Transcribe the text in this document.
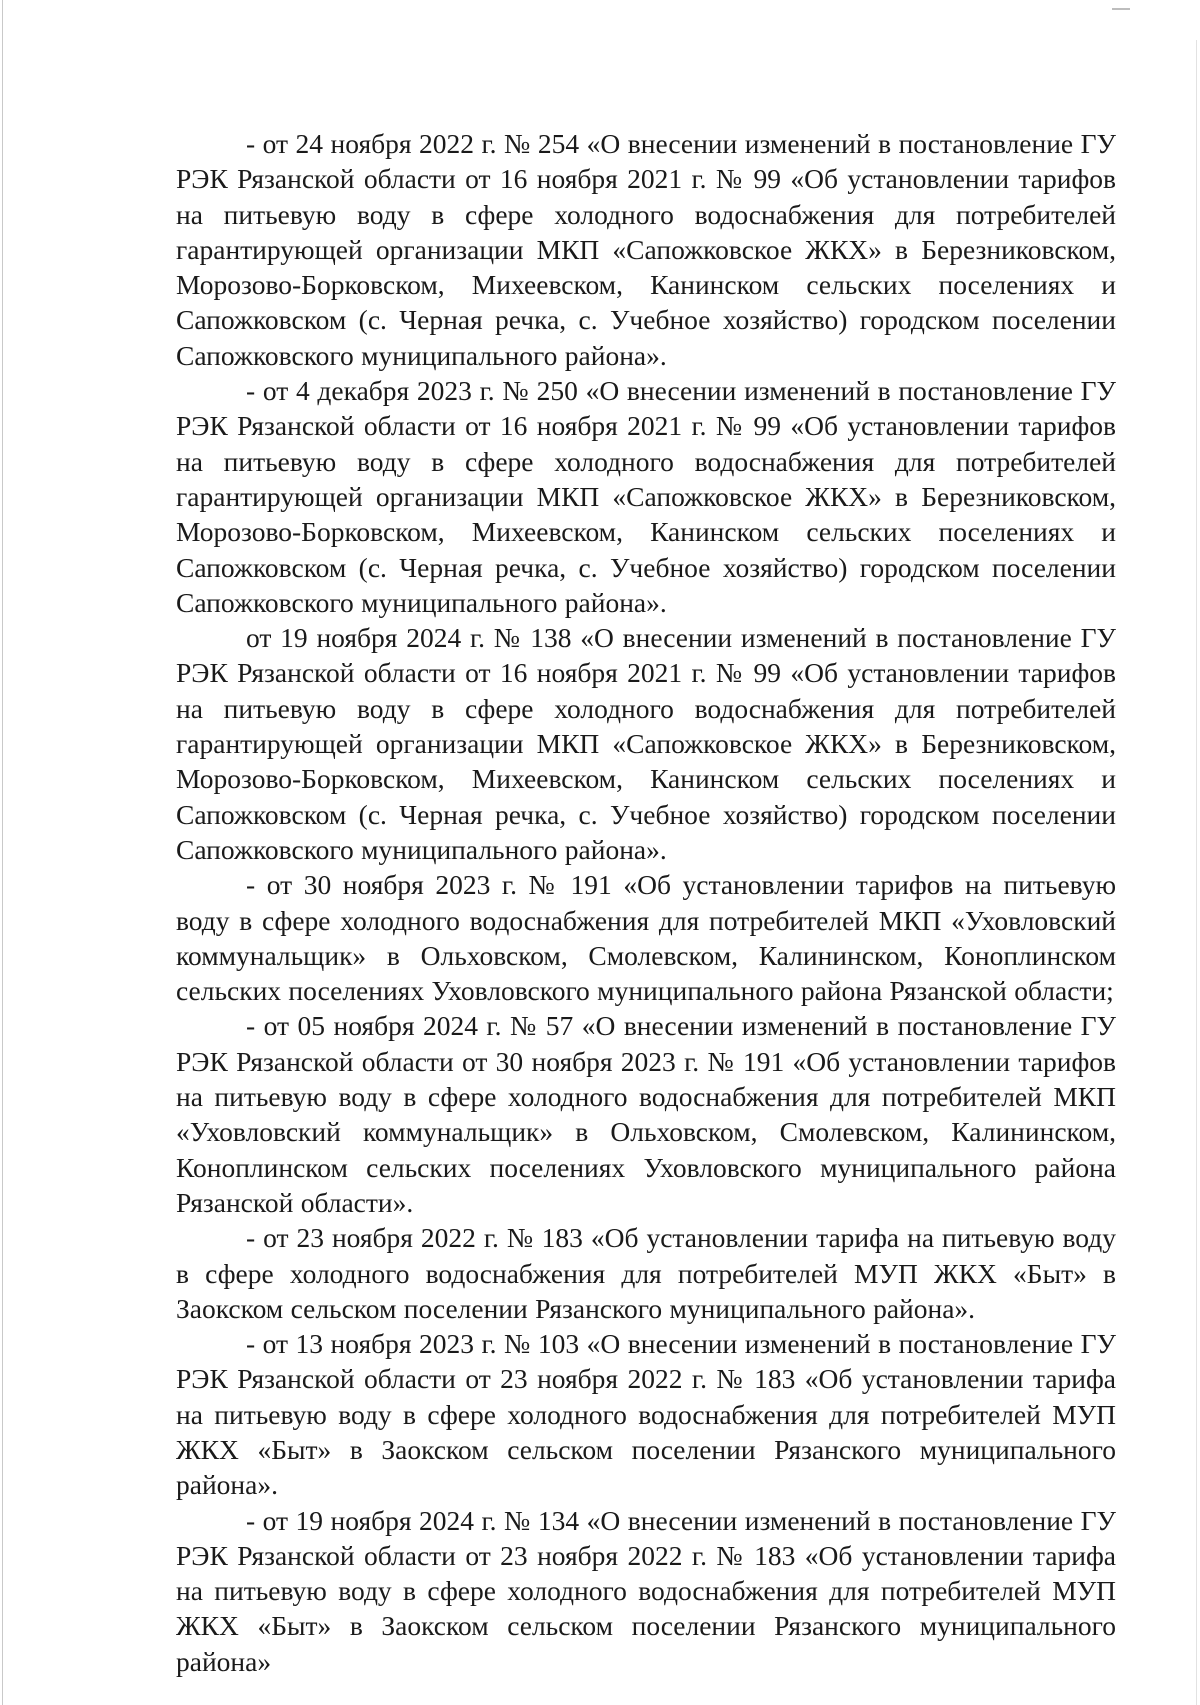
- от 24 ноября 2022 г. № 254 «О внесении изменений в постановление ГУ РЭК Рязанской области от 16 ноября 2021 г. № 99 «Об установлении тарифов на питьевую воду в сфере холодного водоснабжения для потребителей гарантирующей организации МКП «Сапожковское ЖКХ» в Березниковском, Морозово-Борковском, Михеевском, Канинском сельских поселениях и Сапожковском (с. Черная речка, с. Учебное хозяйство) городском поселении Сапожковского муниципального района».

- от 4 декабря 2023 г. № 250 «О внесении изменений в постановление ГУ РЭК Рязанской области от 16 ноября 2021 г. № 99 «Об установлении тарифов на питьевую воду в сфере холодного водоснабжения для потребителей гарантирующей организации МКП «Сапожковское ЖКХ» в Березниковском, Морозово-Борковском, Михеевском, Канинском сельских поселениях и Сапожковском (с. Черная речка, с. Учебное хозяйство) городском поселении Сапожковского муниципального района».

от 19 ноября 2024 г. № 138 «О внесении изменений в постановление ГУ РЭК Рязанской области от 16 ноября 2021 г. № 99 «Об установлении тарифов на питьевую воду в сфере холодного водоснабжения для потребителей гарантирующей организации МКП «Сапожковское ЖКХ» в Березниковском, Морозово-Борковском, Михеевском, Канинском сельских поселениях и Сапожковском (с. Черная речка, с. Учебное хозяйство) городском поселении Сапожковского муниципального района».

- от 30 ноября 2023 г. № 191 «Об установлении тарифов на питьевую воду в сфере холодного водоснабжения для потребителей МКП «Уховловский коммунальщик» в Ольховском, Смолевском, Калининском, Коноплинском сельских поселениях Уховловского муниципального района Рязанской области;

- от 05 ноября 2024 г. № 57 «О внесении изменений в постановление ГУ РЭК Рязанской области от 30 ноября 2023 г. № 191 «Об установлении тарифов на питьевую воду в сфере холодного водоснабжения для потребителей МКП «Уховловский коммунальщик» в Ольховском, Смолевском, Калининском, Коноплинском сельских поселениях Уховловского муниципального района Рязанской области».

- от 23 ноября 2022 г. № 183 «Об установлении тарифа на питьевую воду в сфере холодного водоснабжения для потребителей МУП ЖКХ «Быт» в Заокском сельском поселении Рязанского муниципального района».

- от 13 ноября 2023 г. № 103 «О внесении изменений в постановление ГУ РЭК Рязанской области от 23 ноября 2022 г. № 183 «Об установлении тарифа на питьевую воду в сфере холодного водоснабжения для потребителей МУП ЖКХ «Быт» в Заокском сельском поселении Рязанского муниципального района».

- от 19 ноября 2024 г. № 134 «О внесении изменений в постановление ГУ РЭК Рязанской области от 23 ноября 2022 г. № 183 «Об установлении тарифа на питьевую воду в сфере холодного водоснабжения для потребителей МУП ЖКХ «Быт» в Заокском сельском поселении Рязанского муниципального района»
